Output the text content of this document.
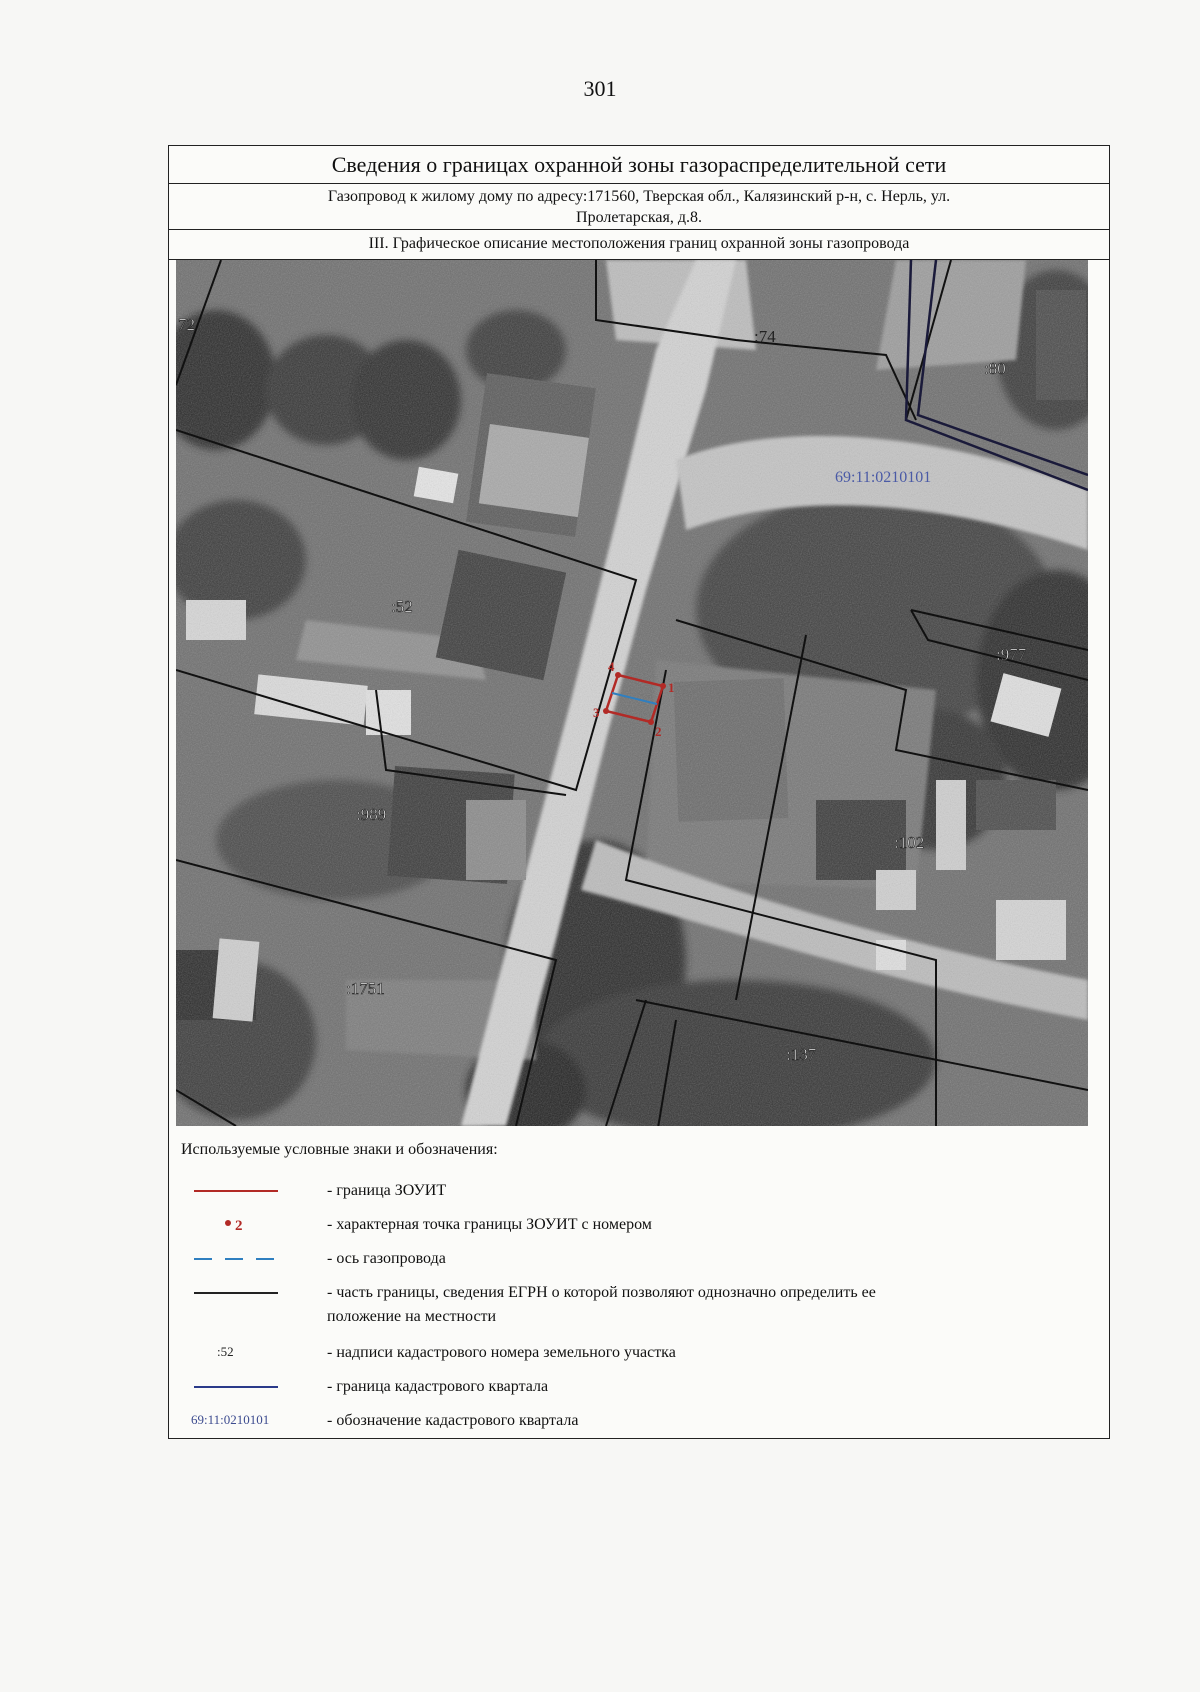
301
Сведения о границах охранной зоны газораспределительной сети
Газопровод к жилому дому по адресу:171560, Тверская обл., Калязинский р-н, с. Нерль, ул.
Пролетарская, д.8.
III. Графическое описание местоположения границ охранной зоны газопровода
1
2
3
4
72
:74
:80
:52
:977
:989
:102
:1751
:137
69:11:0210101
Используемые условные знаки и обозначения:
- граница ЗОУИТ
2	- характерная точка границы ЗОУИТ с номером
- ось газопровода
- часть границы, сведения ЕГРН о которой позволяют однозначно определить ее
положение на местности
:52	- надписи кадастрового номера земельного участка
- граница кадастрового квартала
69:11:0210101	- обозначение кадастрового квартала
